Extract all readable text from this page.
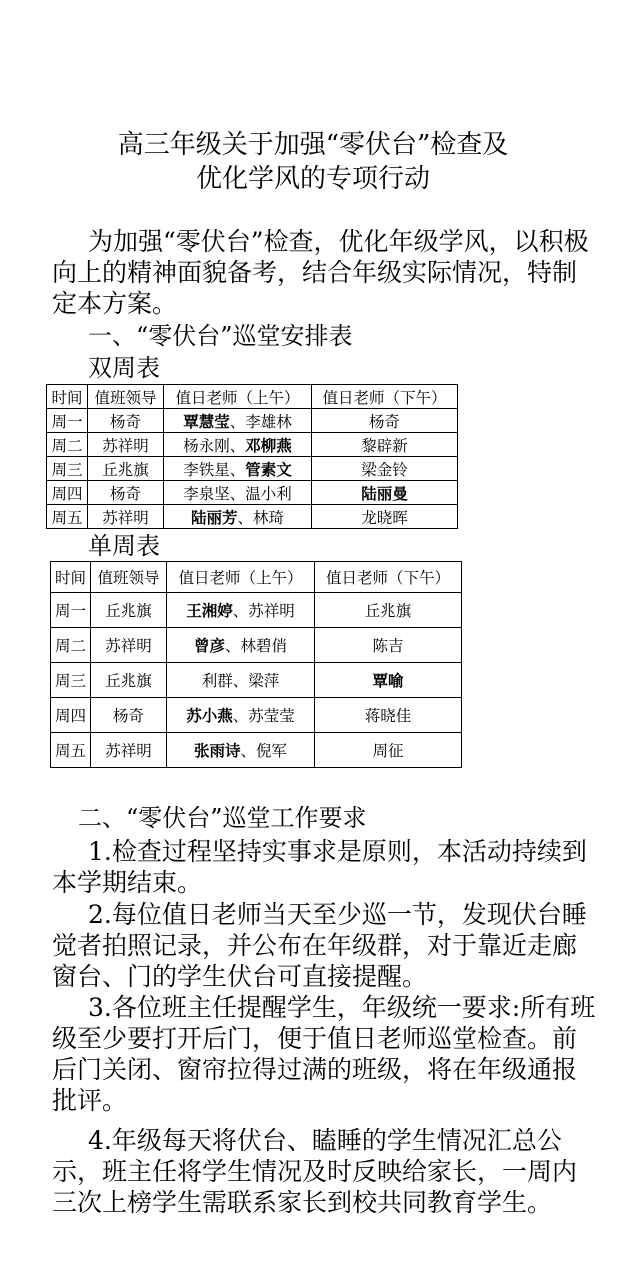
高三年级关于加强“零伏台”检查及
优化学风的专项行动
为加强“零伏台”检查，优化年级学风，以积极向上的精神面貌备考，结合年级实际情况，特制定本方案。
一、“零伏台”巡堂安排表
双周表
时间	值班领导	值日老师（上午）	值日老师（下午）
周一	杨奇	覃慧莹、李雄林	杨奇
周二	苏祥明	杨永刚、邓柳燕	黎辟新
周三	丘兆旗	李铁星、管素文	梁金铃
周四	杨奇	李泉坚、温小利	陆丽曼
周五	苏祥明	陆丽芳、林琦	龙晓晖
单周表
时间	值班领导	值日老师（上午）	值日老师（下午）
周一	丘兆旗	王湘婷、苏祥明	丘兆旗
周二	苏祥明	曾彦、林碧俏	陈吉
周三	丘兆旗	利群、梁萍	覃喻
周四	杨奇	苏小燕、苏莹莹	蒋晓佳
周五	苏祥明	张雨诗、倪军	周征
二、“零伏台”巡堂工作要求
1.检查过程坚持实事求是原则，本活动持续到本学期结束。
2.每位值日老师当天至少巡一节，发现伏台睡觉者拍照记录，并公布在年级群，对于靠近走廊窗台、门的学生伏台可直接提醒。
3.各位班主任提醒学生，年级统一要求:所有班级至少要打开后门，便于值日老师巡堂检查。前后门关闭、窗帘拉得过满的班级，将在年级通报批评。
4.年级每天将伏台、瞌睡的学生情况汇总公示，班主任将学生情况及时反映给家长，一周内三次上榜学生需联系家长到校共同教育学生。
